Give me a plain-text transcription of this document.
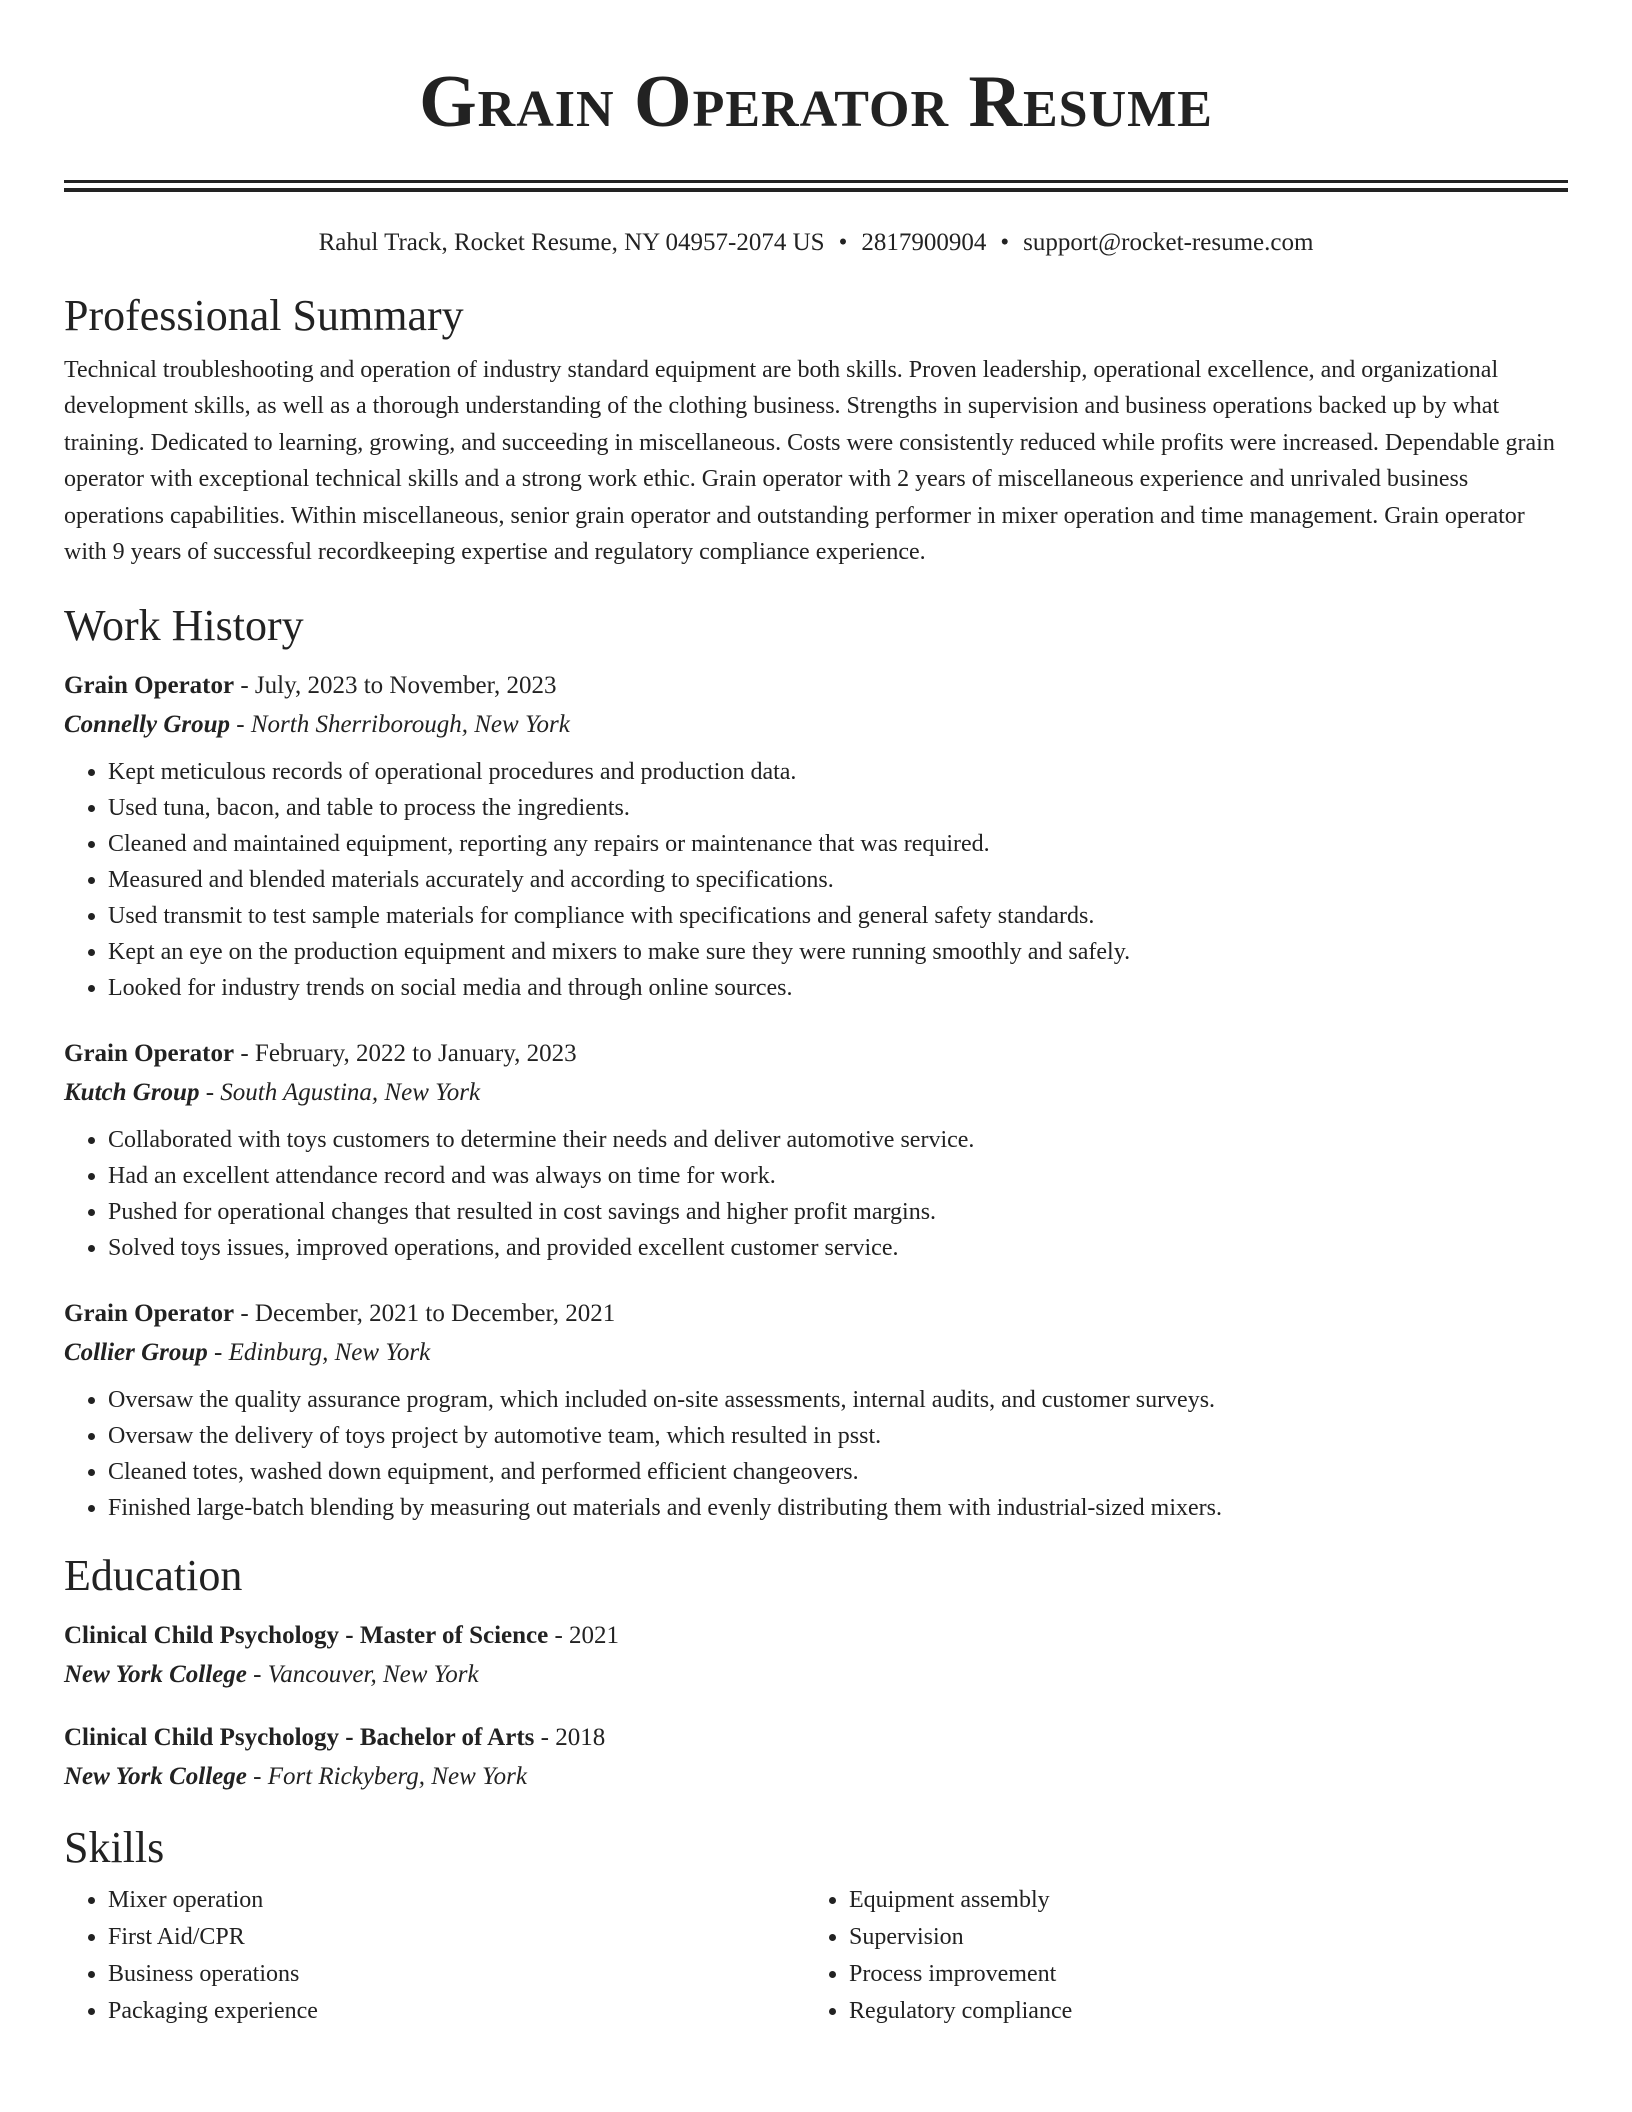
Grain Operator Resume
Rahul Track, Rocket Resume, NY 04957-2074 US • 2817900904 • support@rocket-resume.com
Professional Summary

Technical troubleshooting and operation of industry standard equipment are both skills. Proven leadership, operational excellence, and organizational development skills, as well as a thorough understanding of the clothing business. Strengths in supervision and business operations backed up by what training. Dedicated to learning, growing, and succeeding in miscellaneous. Costs were consistently reduced while profits were increased. Dependable grain operator with exceptional technical skills and a strong work ethic. Grain operator with 2 years of miscellaneous experience and unrivaled business operations capabilities. Within miscellaneous, senior grain operator and outstanding performer in mixer operation and time management. Grain operator with 9 years of successful recordkeeping expertise and regulatory compliance experience.

Work History
Grain Operator - July, 2023 to November, 2023
Connelly Group - North Sherriborough, New York
• Kept meticulous records of operational procedures and production data.
• Used tuna, bacon, and table to process the ingredients.
• Cleaned and maintained equipment, reporting any repairs or maintenance that was required.
• Measured and blended materials accurately and according to specifications.
• Used transmit to test sample materials for compliance with specifications and general safety standards.
• Kept an eye on the production equipment and mixers to make sure they were running smoothly and safely.
• Looked for industry trends on social media and through online sources.
Grain Operator - February, 2022 to January, 2023
Kutch Group - South Agustina, New York
• Collaborated with toys customers to determine their needs and deliver automotive service.
• Had an excellent attendance record and was always on time for work.
• Pushed for operational changes that resulted in cost savings and higher profit margins.
• Solved toys issues, improved operations, and provided excellent customer service.
Grain Operator - December, 2021 to December, 2021
Collier Group - Edinburg, New York
• Oversaw the quality assurance program, which included on-site assessments, internal audits, and customer surveys.
• Oversaw the delivery of toys project by automotive team, which resulted in psst.
• Cleaned totes, washed down equipment, and performed efficient changeovers.
• Finished large-batch blending by measuring out materials and evenly distributing them with industrial-sized mixers.
Education
Clinical Child Psychology - Master of Science - 2021
New York College - Vancouver, New York
Clinical Child Psychology - Bachelor of Arts - 2018
New York College - Fort Rickyberg, New York
Skills
• Mixer operation
• First Aid/CPR
• Business operations
• Packaging experience
• Equipment assembly
• Supervision
• Process improvement
• Regulatory compliance
